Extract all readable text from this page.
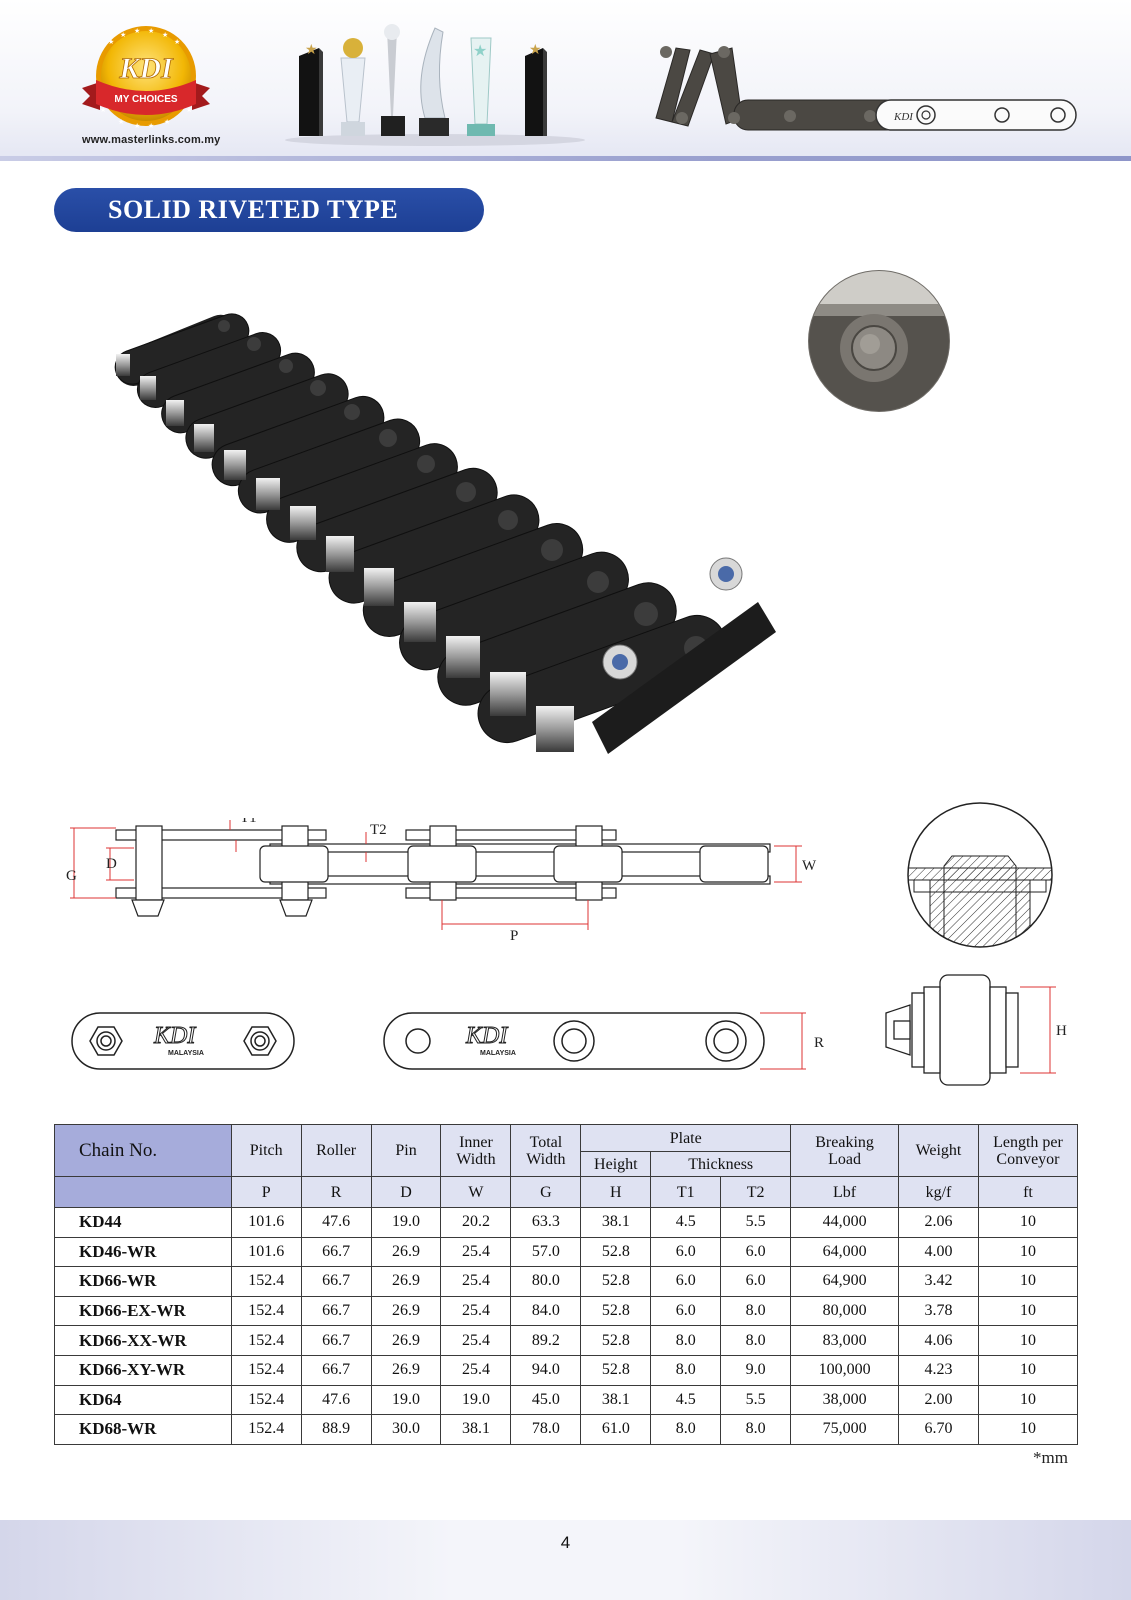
★
★ ★ ★ ★
★
★	★
★ ★ ★ ★
KDI
MY CHOICES
www.masterlinks.com.my
★	★	★
KDI
SOLID RIVETED TYPE
T1
T2
G
D	W
P
KDI
MALAYSIA
KDI
MALAYSIA
R
H
Chain No.	Pitch	Roller	Pin	Inner Width	Total Width	Plate			Breaking Load	Weight	Length per Conveyor
						Height	Thickness				
	P	R	D	W	G	H	T1	T2	Lbf	kg/f	ft
KD44	101.6	47.6	19.0	20.2	63.3	38.1	4.5	5.5	44,000	2.06	10
KD46-WR	101.6	66.7	26.9	25.4	57.0	52.8	6.0	6.0	64,000	4.00	10
KD66-WR	152.4	66.7	26.9	25.4	80.0	52.8	6.0	6.0	64,900	3.42	10
KD66-EX-WR	152.4	66.7	26.9	25.4	84.0	52.8	6.0	8.0	80,000	3.78	10
KD66-XX-WR	152.4	66.7	26.9	25.4	89.2	52.8	8.0	8.0	83,000	4.06	10
KD66-XY-WR	152.4	66.7	26.9	25.4	94.0	52.8	8.0	9.0	100,000	4.23	10
KD64	152.4	47.6	19.0	19.0	45.0	38.1	4.5	5.5	38,000	2.00	10
KD68-WR	152.4	88.9	30.0	38.1	78.0	61.0	8.0	8.0	75,000	6.70	10
*mm
4
